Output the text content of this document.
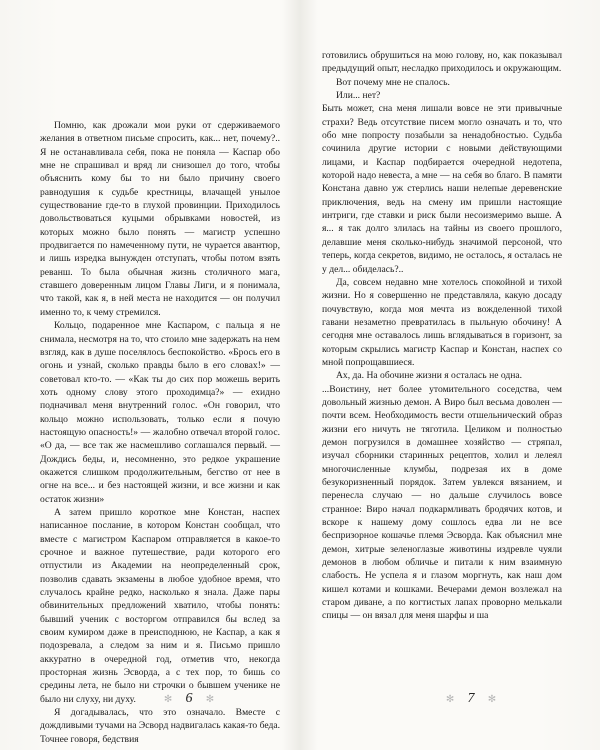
Помню, как дрожали мои руки от сдерживаемого желания в ответном письме спросить, как... нет, почему?.. Я не останавливала себя, пока не поняла — Каспар обо мне не спрашивал и вряд ли снизошел до того, чтобы объяснить кому бы то ни было причину своего равнодушия к судьбе крестницы, влачащей унылое существование где-то в глухой провинции. Приходилось довольствоваться куцыми обрывками новостей, из которых можно было понять — магистр успешно продвигается по намеченному пути, не чурается авантюр, и лишь изредка вынужден отступать, чтобы потом взять реванш. То была обычная жизнь столичного мага, ставшего доверенным лицом Главы Лиги, и я понимала, что такой, как я, в ней места не находится — он получил именно то, к чему стремился.

Кольцо, подаренное мне Каспаром, с пальца я не снимала, несмотря на то, что стоило мне задержать на нем взгляд, как в душе поселялось беспокойство. «Брось его в огонь и узнай, сколько правды было в его словах!» — советовал кто-то. — «Как ты до сих пор можешь верить хоть одному слову этого проходимца?» — ехидно подначивал меня внутренний голос. «Он говорил, что кольцо можно использовать, только если я почую настоящую опасность!» — жалобно отвечал второй голос. «О да, — все так же насмешливо соглашался первый. — Дождись беды, и, несомненно, это редкое украшение окажется слишком продолжительным, бегство от нее в огне на все... и без настоящей жизни, и все жизни и как остаток жизни»

А затем пришло короткое мне Констан, наспех написанное послание, в котором Констан сообщал, что вместе с магистром Каспаром отправляется в какое-то срочное и важное путешествие, ради которого его отпустили из Академии на неопределенный срок, позволив сдавать экзамены в любое удобное время, что случалось крайне редко, насколько я знала. Даже пары обвинительных предложений хватило, чтобы понять: бывший ученик с восторгом отправился бы вслед за своим кумиром даже в преисподнюю, не Каспар, а как я подозревала, а следом за ним и я. Письмо пришло аккуратно в очередной год, отметив что, некогда просторная жизнь Эсворда, а с тех пор, то бишь со средины лета, не было ни строчки о бывшем ученике не было ни слуху, ни духу.

Я догадывалась, что это означало. Вместе с дождливыми тучами на Эсворд надвигалась какая-то беда. Точнее говоря, бедствия

✻ 6 ✻

готовились обрушиться на мою голову, но, как показывал предыдущий опыт, несладко приходилось и окружающим.

Вот почему мне не спалось.

Или... нет?

Быть может, сна меня лишали вовсе не эти привычные страхи? Ведь отсутствие писем могло означать и то, что обо мне попросту позабыли за ненадобностью. Судьба сочинила другие истории с новыми действующими лицами, и Каспар подбирается очередной недотепа, которой надо невеста, а мне — на себя во благо. В памяти Констана давно уж стерлись наши нелепые деревенские приключения, ведь на смену им пришли настоящие интриги, где ставки и риск были несоизмеримо выше. А я... я так долго злилась на тайны из своего прошлого, делавшие меня сколько-нибудь значимой персоной, что теперь, когда секретов, видимо, не осталось, я осталась не у дел... обиделась?..

Да, совсем недавно мне хотелось спокойной и тихой жизни. Но я совершенно не представляла, какую досаду почувствую, когда моя мечта из вожделенной тихой гавани незаметно превратилась в пыльную обочину! А сегодня мне оставалось лишь вглядываться в горизонт, за которым скрылись магистр Каспар и Констан, наспех со мной попрощавшиеся.

Ах, да. На обочине жизни я осталась не одна.

...Воистину, нет более утомительного соседства, чем довольный жизнью демон. А Виро был весьма доволен — почти всем. Необходимость вести отшельнический образ жизни его ничуть не тяготила. Целиком и полностью демон погрузился в домашнее хозяйство — стряпал, изучал сборники старинных рецептов, холил и лелеял многочисленные клумбы, подрезая их в доме безукоризненный порядок. Затем увлекся вязанием, и перенесла случаю — но дальше случилось вовсе странное: Виро начал подкармливать бродячих котов, и вскоре к нашему дому сошлось едва ли не все беспризорное кошачье племя Эсворда. Как объяснил мне демон, хитрые зеленоглазые животины издревле чуяли демонов в любом обличье и питали к ним взаимную слабость. Не успела я и глазом моргнуть, как наш дом кишел котами и кошками. Вечерами демон возлежал на старом диване, а по когтистых лапах проворно мелькали спицы — он вязал для меня шарфы и ша

✻ 7 ✻
